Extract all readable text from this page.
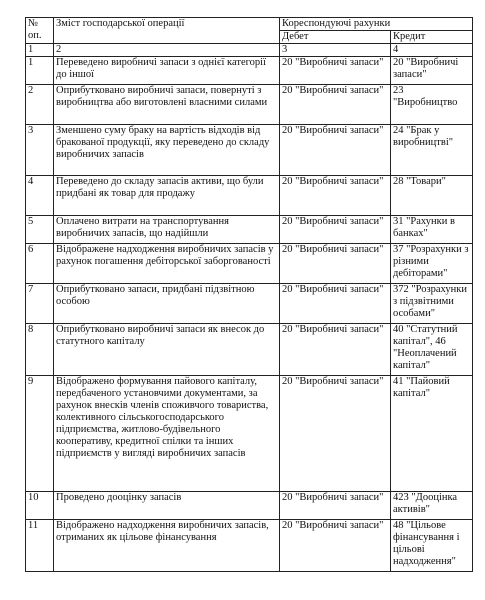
№
оп.	Зміст господарської операції	Кореспондуючі рахунки	
		Дебет	Кредит
1	2	3	4
1	Переведено виробничі запаси з однієї категорії до іншої	20 "Виробничі запаси"	20 "Виробничі запаси"
2	Оприбутковано виробничі запаси, повернуті з виробництва або виготовлені власними силами	20 "Виробничі запаси"	23 "Виробництво
3	Зменшено суму браку на вартість відходів від бракованої продукції, яку переведено до складу виробничих запасів	20 "Виробничі запаси"	24 "Брак у виробництві"
4	Переведено до складу запасів активи, що були придбані як товар для продажу	20 "Виробничі запаси"	28 "Товари"
5	Оплачено витрати на транспортування виробничих запасів, що надійшли	20 "Виробничі запаси"	31 "Рахунки в банках"
6	Відображене надходження виробничих запасів у рахунок погашення дебіторської заборгованості	20 "Виробничі запаси"	37 "Розрахунки з різними дебіторами"
7	Оприбутковано запаси, придбані підзвітною особою	20 "Виробничі запаси"	372 "Розрахунки з підзвітними особами"
8	Оприбутковано виробничі запаси як внесок до статутного капіталу	20 "Виробничі запаси"	40 "Статутний капітал", 46 "Неоплачений капітал"
9	Відображено формування пайового капіталу, передбаченого установчими документами, за рахунок внесків членів споживчого товариства, колективного сільськогосподарського підприємства, житлово-будівельного кооперативу, кредитної спілки та інших підприємств у вигляді виробничих запасів	20 "Виробничі запаси"	41 "Пайовий капітал"
10	Проведено дооцінку запасів	20 "Виробничі запаси"	423 "Дооцінка активів"
11	Відображено надходження виробничих запасів, отриманих як цільове фінансування	20 "Виробничі запаси"	48 "Цільове фінансування і цільові надходження"
